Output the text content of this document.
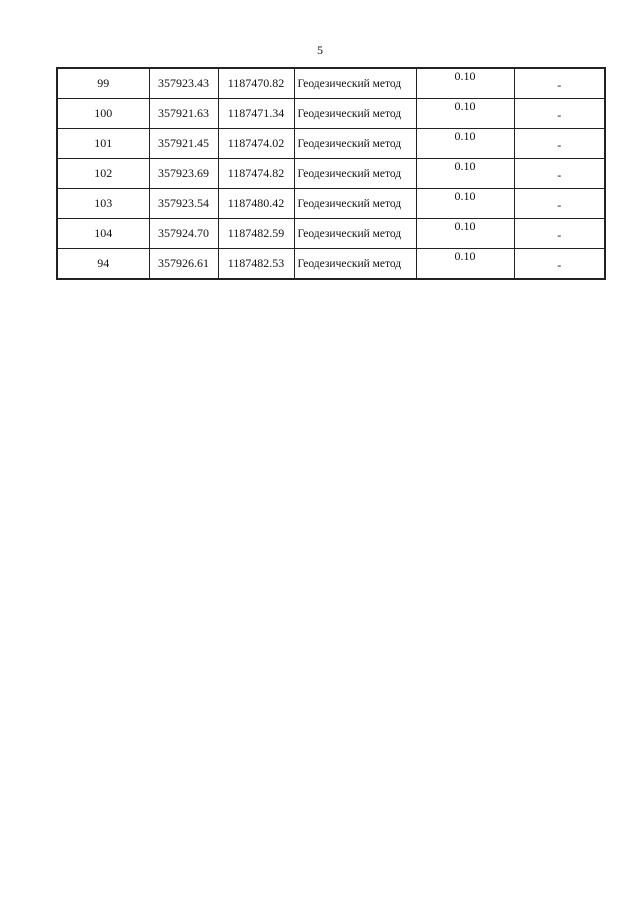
5
99	357923.43	1187470.82	Геодезический метод	0.10	-
100	357921.63	1187471.34	Геодезический метод	0.10	-
101	357921.45	1187474.02	Геодезический метод	0.10	-
102	357923.69	1187474.82	Геодезический метод	0.10	-
103	357923.54	1187480.42	Геодезический метод	0.10	-
104	357924.70	1187482.59	Геодезический метод	0.10	-
94	357926.61	1187482.53	Геодезический метод	0.10	-
